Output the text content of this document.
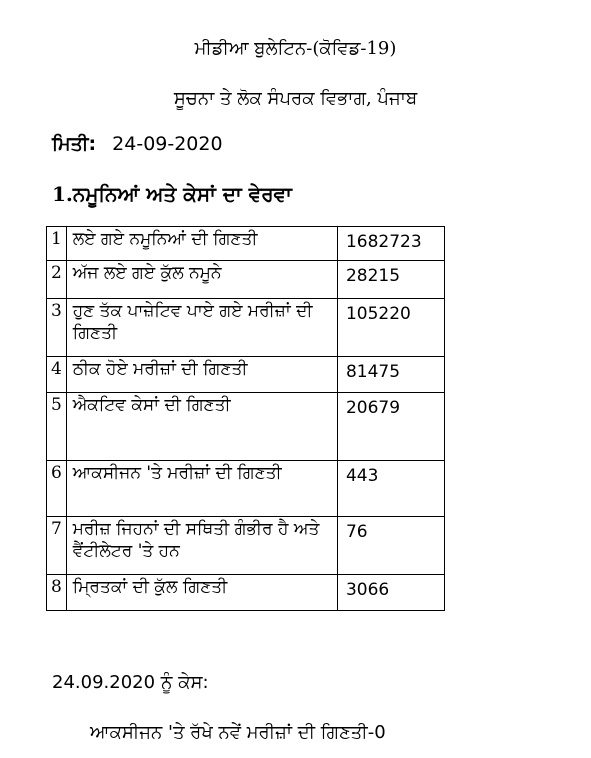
ਮੀਡੀਆ ਬੁਲੇਟਿਨ-(ਕੋਵਿਡ-19)
ਸੂਚਨਾ ਤੇ ਲੋਕ ਸੰਪਰਕ ਵਿਭਾਗ, ਪੰਜਾਬ
ਮਿਤੀ: 24-09-2020
1.ਨਮੂਨਿਆਂ ਅਤੇ ਕੇਸਾਂ ਦਾ ਵੇਰਵਾ
1	ਲਏ ਗਏ ਨਮੂਨਿਆਂ ਦੀ ਗਿਣਤੀ	1682723
2	ਅੱਜ ਲਏ ਗਏ ਕੁੱਲ ਨਮੂਨੇ	28215
3	ਹੁਣ ਤੱਕ ਪਾਜ਼ੇਟਿਵ ਪਾਏ ਗਏ ਮਰੀਜ਼ਾਂ ਦੀ ਗਿਣਤੀ	105220
4	ਠੀਕ ਹੋਏ ਮਰੀਜ਼ਾਂ ਦੀ ਗਿਣਤੀ	81475
5	ਐਕਟਿਵ ਕੇਸਾਂ ਦੀ ਗਿਣਤੀ	20679
6	ਆਕਸੀਜਨ 'ਤੇ ਮਰੀਜ਼ਾਂ ਦੀ ਗਿਣਤੀ	443
7	ਮਰੀਜ਼ ਜਿਹਨਾਂ ਦੀ ਸਥਿਤੀ ਗੰਭੀਰ ਹੈ ਅਤੇ ਵੈਂਟੀਲੇਟਰ 'ਤੇ ਹਨ	76
8	ਮ੍ਰਿਤਕਾਂ ਦੀ ਕੁੱਲ ਗਿਣਤੀ	3066
24.09.2020 ਨੂੰ ਕੇਸ:
ਆਕਸੀਜਨ 'ਤੇ ਰੱਖੇ ਨਵੇਂ ਮਰੀਜ਼ਾਂ ਦੀ ਗਿਣਤੀ-0
